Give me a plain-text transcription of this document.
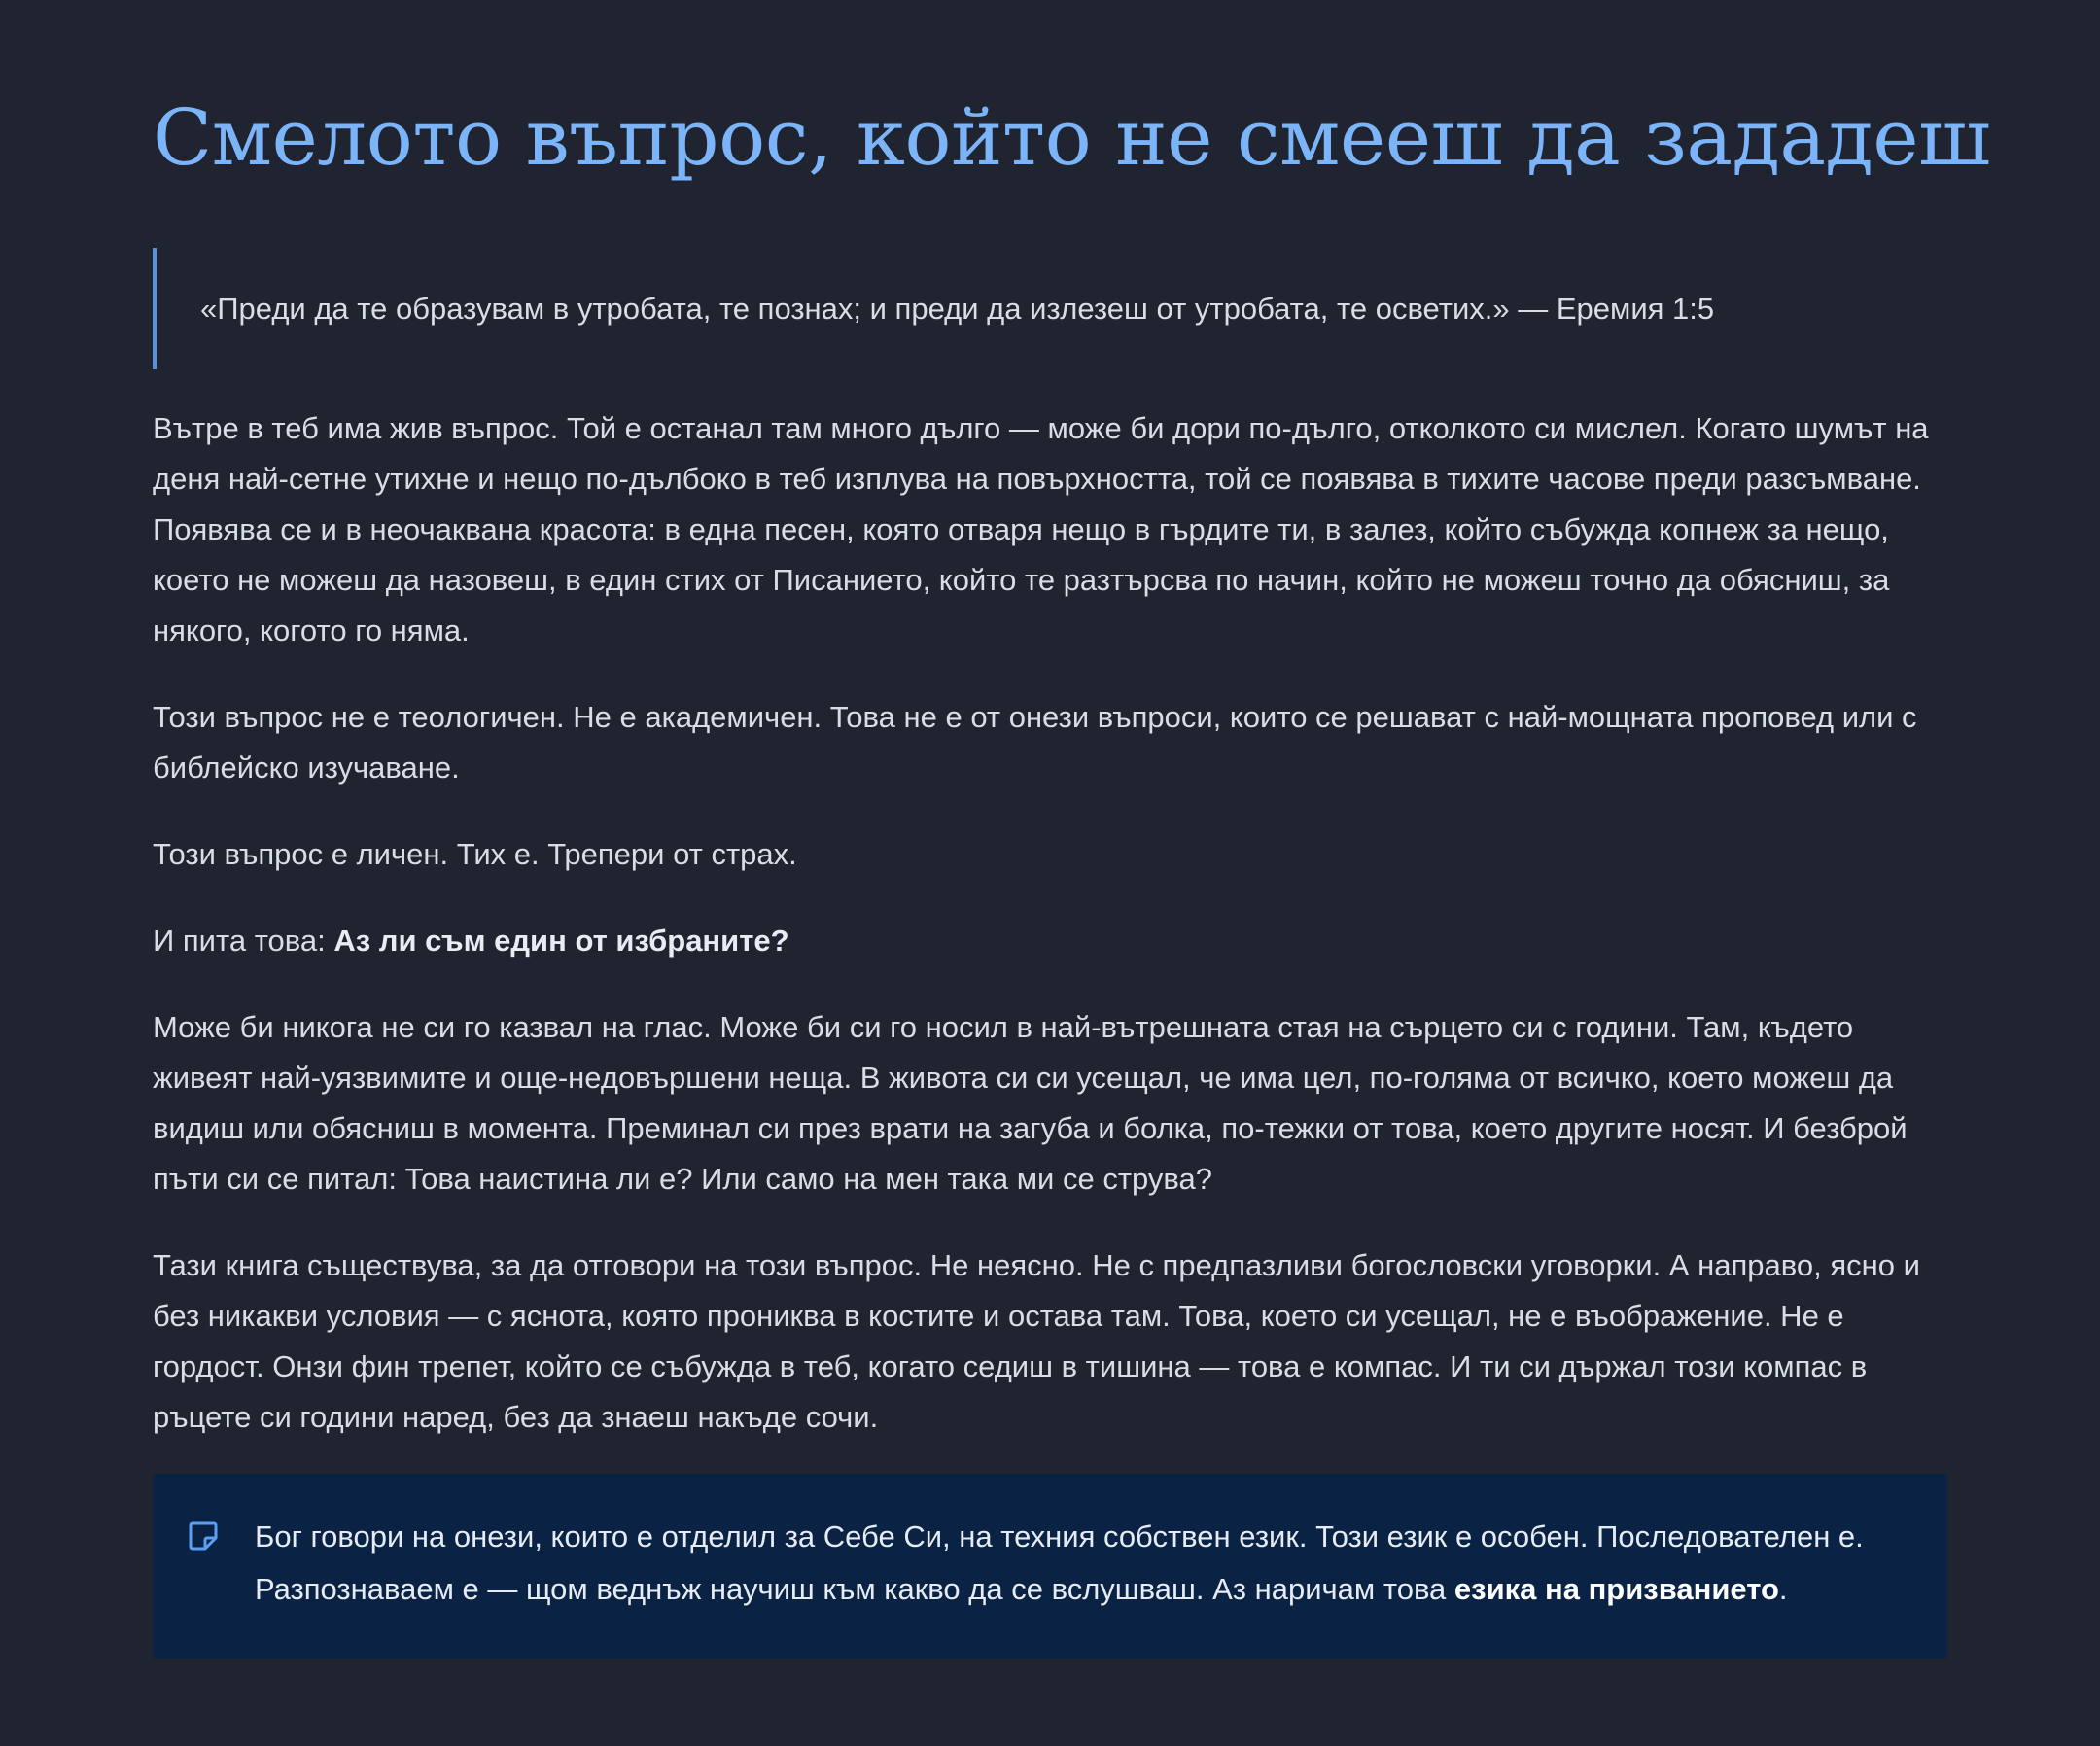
Смелото въпрос, който не смееш да зададеш
«Преди да те образувам в утробата, те познах; и преди да излезеш от утробата, те осветих.» — Еремия 1:5

Вътре в теб има жив въпрос. Той е останал там много дълго — може би дори по-дълго, отколкото си мислел. Когато шумът на деня най-сетне утихне и нещо по-дълбоко в теб изплува на повърхността, той се появява в тихите часове преди разсъмване. Появява се и в неочаквана красота: в една песен, която отваря нещо в гърдите ти, в залез, който събужда копнеж за нещо, което не можеш да назовеш, в един стих от Писанието, който те разтърсва по начин, който не можеш точно да обясниш, за някого, когото го няма.

Този въпрос не е теологичен. Не е академичен. Това не е от онези въпроси, които се решават с най-мощната проповед или с библейско изучаване.

Този въпрос е личен. Тих е. Трепери от страх.

И пита това: Аз ли съм един от избраните?

Може би никога не си го казвал на глас. Може би си го носил в най-вътрешната стая на сърцето си с години. Там, където живеят най-уязвимите и още-недовършени неща. В живота си си усещал, че има цел, по-голяма от всичко, което можеш да видиш или обясниш в момента. Преминал си през врати на загуба и болка, по-тежки от това, което другите носят. И безброй пъти си се питал: Това наистина ли е? Или само на мен така ми се струва?

Тази книга съществува, за да отговори на този въпрос. Не неясно. Не с предпазливи богословски уговорки. А направо, ясно и без никакви условия — с яснота, която прониква в костите и остава там. Това, което си усещал, не е въображение. Не е гордост. Онзи фин трепет, който се събужда в теб, когато седиш в тишина — това е компас. И ти си държал този компас в ръцете си години наред, без да знаеш накъде сочи.

Бог говори на онези, които е отделил за Себе Си, на техния собствен език. Този език е особен. Последователен е. Разпознаваем е — щом веднъж научиш към какво да се вслушваш. Аз наричам това езика на призванието.
